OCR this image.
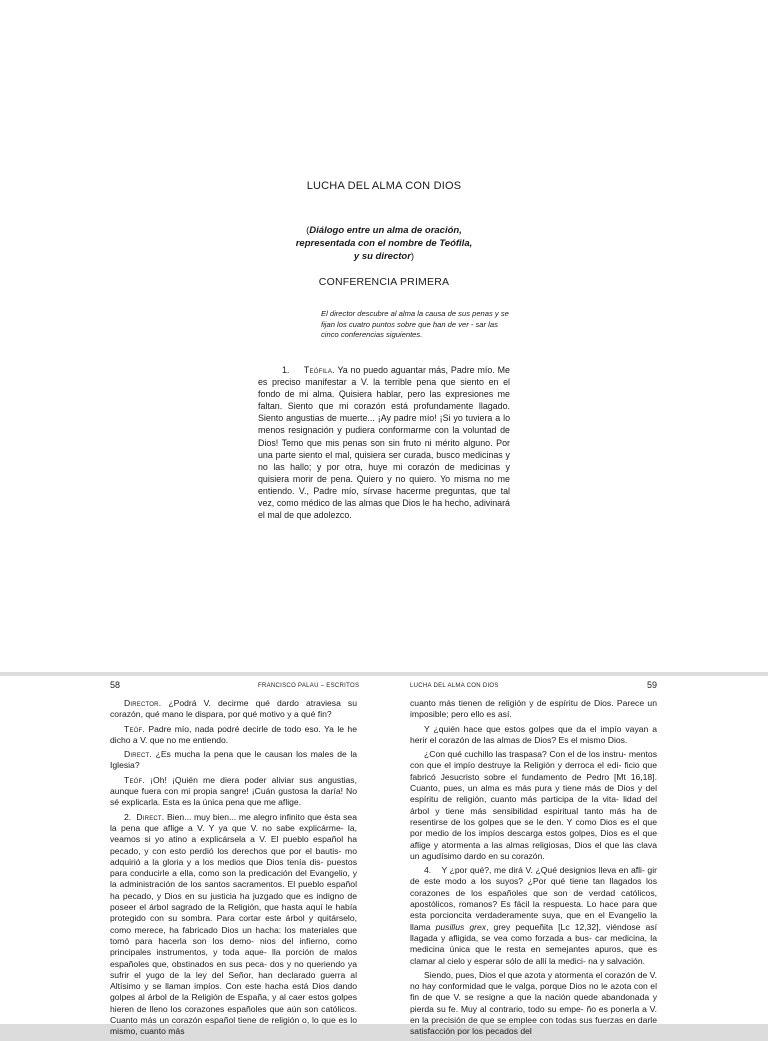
LUCHA DEL ALMA CON DIOS
(Diálogo entre un alma de oración,
representada con el nombre de Teófila,
y su director)
CONFERENCIA PRIMERA
El director descubre al alma la causa de sus penas y se fijan los cuatro puntos sobre que han de ver - sar las cinco conferencias siguientes.

1. Teófila. Ya no puedo aguantar más, Padre mío. Me es preciso manifestar a V. la terrible pena que siento en el fondo de mi alma. Quisiera hablar, pero las expresiones me faltan. Siento que mi corazón está profundamente llagado. Siento angustias de muerte... ¡Ay padre mío! ¡Si yo tuviera a lo menos resignación y pudiera conformarme con la voluntad de Dios! Temo que mis penas son sin fruto ni mérito alguno. Por una parte siento el mal, quisiera ser curada, busco medicinas y no las hallo; y por otra, huye mi corazón de medicinas y quisiera morir de pena. Quiero y no quiero. Yo misma no me entiendo. V., Padre mío, sírvase hacerme preguntas, que tal vez, como médico de las almas que Dios le ha hecho, adivinará el mal de que adolezco.

58	FRANCISCO PALAU – ESCRITOS	LUCHA DEL ALMA CON DIOS	59

Director. ¿Podrá V. decirme qué dardo atraviesa su corazón, qué mano le dispara, por qué motivo y a qué fin?

Teóf. Padre mío, nada podré decirle de todo eso. Ya le he dicho a V. que no me entiendo.

Direct. ¿Es mucha la pena que le causan los males de la Iglesia?

Teóf. ¡Oh! ¡Quién me diera poder aliviar sus angustias, aunque fuera con mi propia sangre! ¡Cuán gustosa la daría! No sé explicarla. Esta es la única pena que me aflige.

2. Direct. Bien... muy bien... me alegro infinito que ésta sea la pena que aflige a V. Y ya que V. no sabe explicárme- la, veamos si yo atino a explicársela a V. El pueblo español ha pecado, y con esto perdió los derechos que por el bautis- mo adquirió a la gloria y a los medios que Dios tenía dis- puestos para conducirle a ella, como son la predicación del Evangelio, y la administración de los santos sacramentos. El pueblo español ha pecado, y Dios en su justicia ha juzgado que es indigno de poseer el árbol sagrado de la Religión, que hasta aquí le había protegido con su sombra. Para cortar este árbol y quitárselo, como merece, ha fabricado Dios un hacha: los materiales que tomó para hacerla son los demo- nios del infierno, como principales instrumentos, y toda aque- lla porción de malos españoles que, obstinados en sus peca- dos y no queriendo ya sufrir el yugo de la ley del Señor, han declarado guerra al Altísimo y se llaman impíos. Con este hacha está Dios dando golpes al árbol de la Religión de España, y al caer estos golpes hieren de lleno los corazones españoles que aún son católicos. Cuanto más un corazón español tiene de religión o, lo que es lo mismo, cuanto más

cuanto más tienen de religión y de espíritu de Dios. Parece un imposible; pero ello es así.

Y ¿quién hace que estos golpes que da el impío vayan a herir el corazón de las almas de Dios? Es el mismo Dios.

¿Con qué cuchillo las traspasa? Con el de los instru- mentos con que el impío destruye la Religión y derroca el edi- ficio que fabricó Jesucristo sobre el fundamento de Pedro [Mt 16,18]. Cuanto, pues, un alma es más pura y tiene más de Dios y del espíritu de religión, cuanto más participa de la vita- lidad del árbol y tiene más sensibilidad espiritual tanto más ha de resentirse de los golpes que se le den. Y como Dios es el que por medio de los impíos descarga estos golpes, Dios es el que aflige y atormenta a las almas religiosas, Dios el que las clava un agudísimo dardo en su corazón.

4. Y ¿por qué?, me dirá V. ¿Qué designios lleva en afli- gir de este modo a los suyos? ¿Por qué tiene tan llagados los corazones de los españoles que son de verdad católicos, apostólicos, romanos? Es fácil la respuesta. Lo hace para que esta porcioncita verdaderamente suya, que en el Evangelio la llama pusillus grex, grey pequeñita [Lc 12,32], viéndose así llagada y afligida, se vea como forzada a bus- car medicina, la medicina única que le resta en semejantes apuros, que es clamar al cielo y esperar sólo de allí la medici- na y salvación.

Siendo, pues, Dios el que azota y atormenta el corazón de V. no hay conformidad que le valga, porque Dios no le azota con el fin de que V. se resigne a que la nación quede abandonada y pierda su fe. Muy al contrario, todo su empe- ño es ponerla a V. en la precisión de que se emplee con todas sus fuerzas en darle satisfacción por los pecados del
